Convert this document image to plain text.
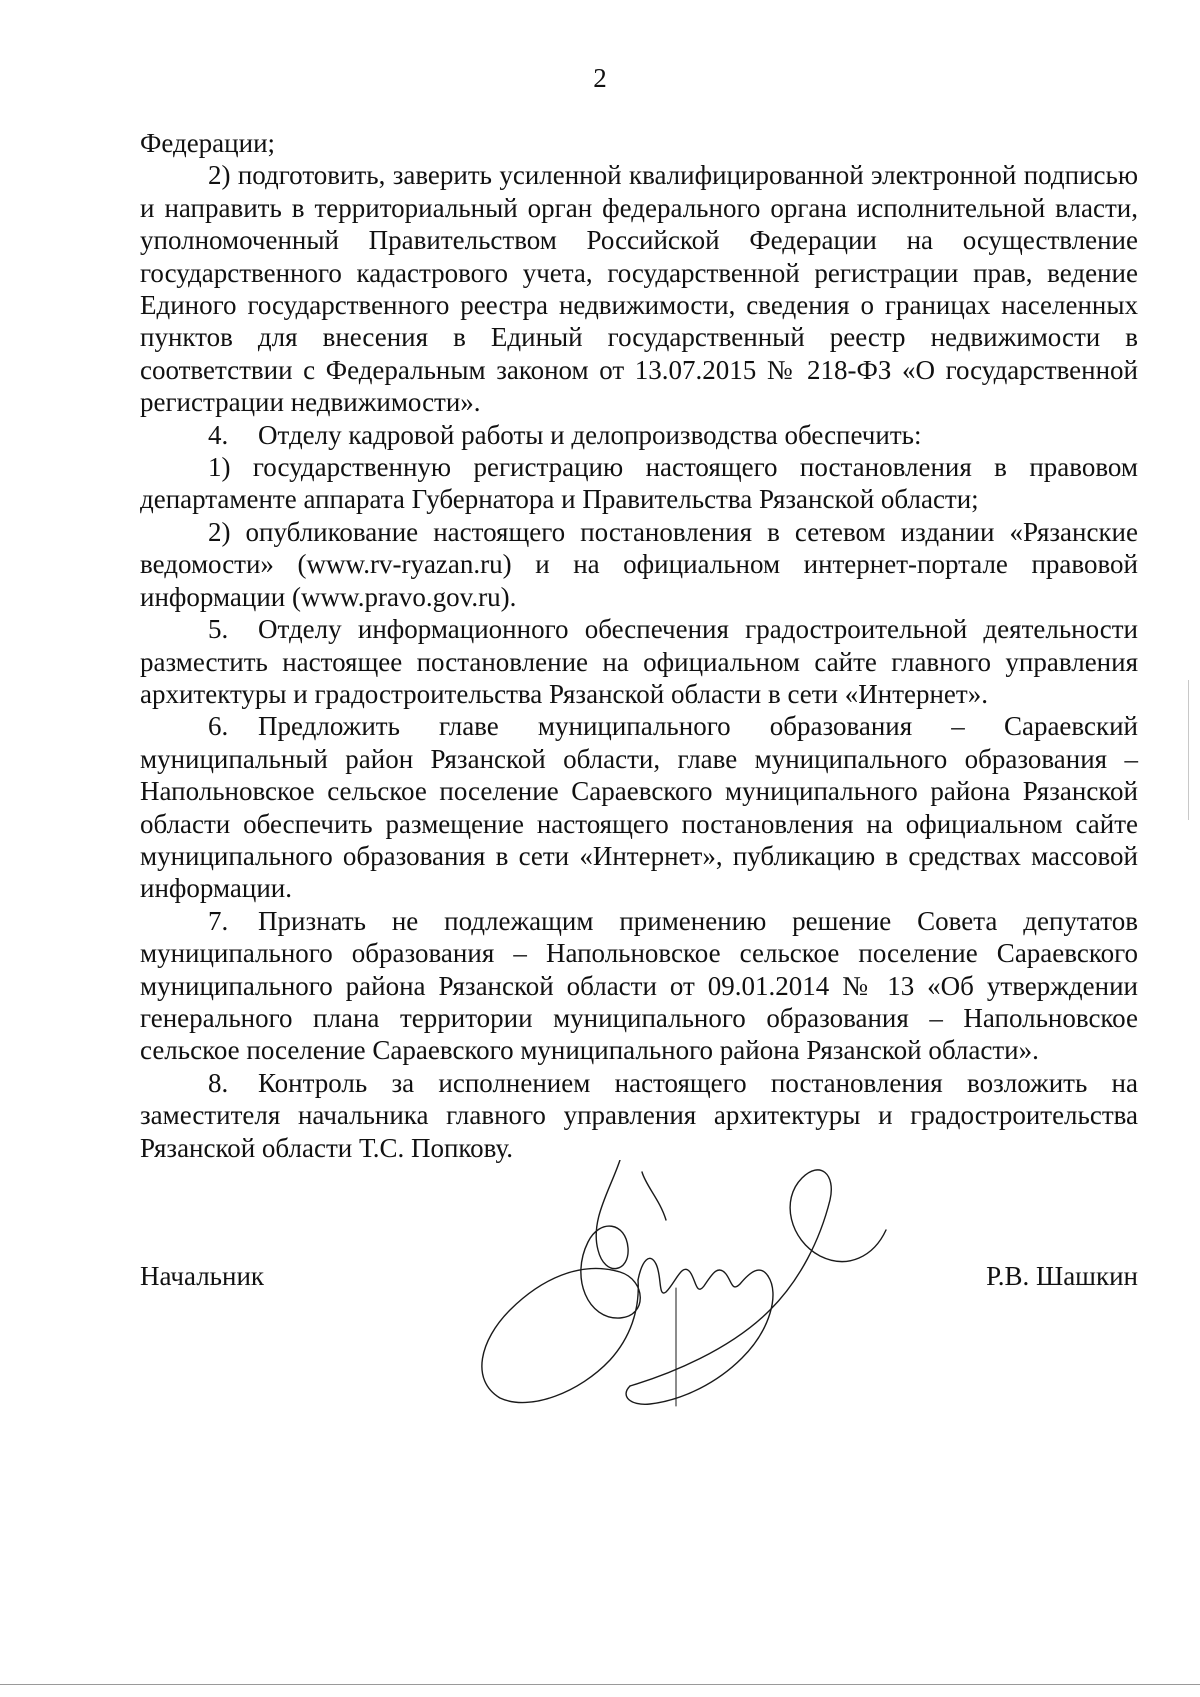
2

Федерации;

2) подготовить, заверить усиленной квалифицированной электронной подписью и направить в территориальный орган федерального органа исполнительной власти, уполномоченный Правительством Российской Федерации на осуществление государственного кадастрового учета, государственной регистрации прав, ведение Единого государственного реестра недвижимости, сведения о границах населенных пунктов для внесения в Единый государственный реестр недвижимости в соответствии с Федеральным законом от 13.07.2015 № 218-ФЗ «О государственной регистрации недвижимости».

4. Отделу кадровой работы и делопроизводства обеспечить:

1) государственную регистрацию настоящего постановления в правовом департаменте аппарата Губернатора и Правительства Рязанской области;

2) опубликование настоящего постановления в сетевом издании «Рязанские ведомости» (www.rv-ryazan.ru) и на официальном интернет-портале правовой информации (www.pravo.gov.ru).

5. Отделу информационного обеспечения градостроительной деятельности разместить настоящее постановление на официальном сайте главного управления архитектуры и градостроительства Рязанской области в сети «Интернет».

6. Предложить главе муниципального образования – Сараевский муниципальный район Рязанской области, главе муниципального образования – Напольновское сельское поселение Сараевского муниципального района Рязанской области обеспечить размещение настоящего постановления на официальном сайте муниципального образования в сети «Интернет», публикацию в средствах массовой информации.

7. Признать не подлежащим применению решение Совета депутатов муниципального образования – Напольновское сельское поселение Сараевского муниципального района Рязанской области от 09.01.2014 № 13 «Об утверждении генерального плана территории муниципального образования – Напольновское сельское поселение Сараевского муниципального района Рязанской области».

8. Контроль за исполнением настоящего постановления возложить на заместителя начальника главного управления архитектуры и градостроительства Рязанской области Т.С. Попкову.

Начальник	Р.В. Шашкин
